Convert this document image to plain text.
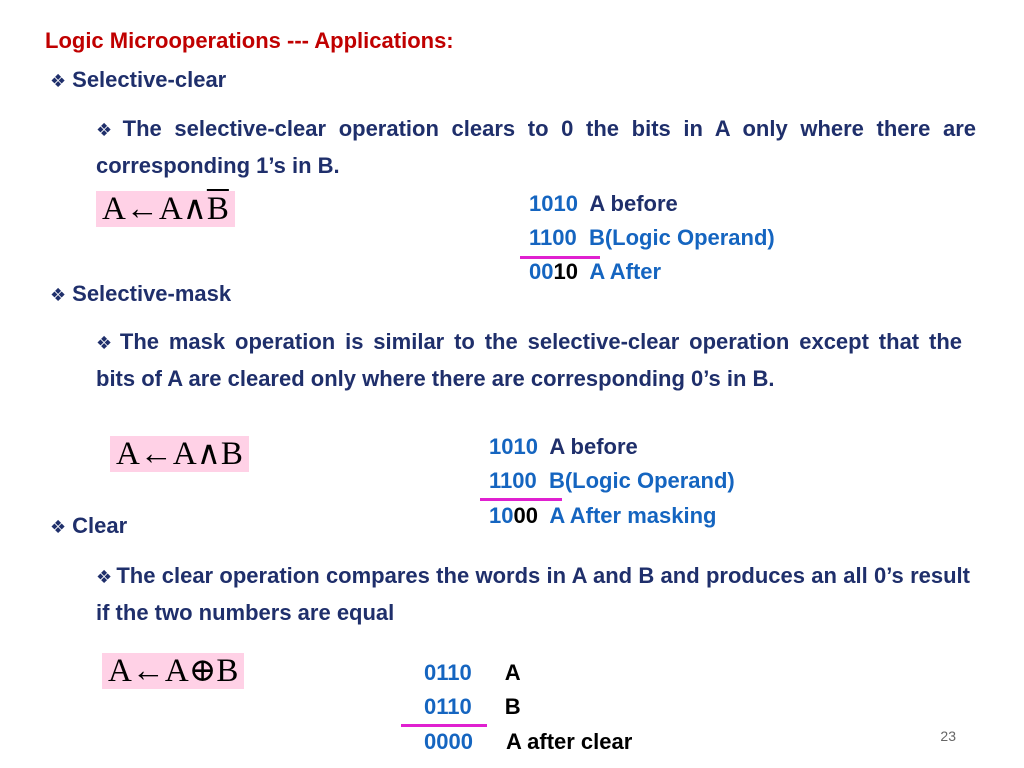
Logic Microoperations --- Applications:
❖ Selective-clear
❖ The selective-clear operation clears to 0 the bits in A only where there are corresponding 1’s in B.
$A\leftarrow A\wedge\overline{B}$	1010 A before
1100 B(Logic Operand)
0010 A After
❖ Selective-mask
❖ The mask operation is similar to the selective-clear operation except that the bits of A are cleared only where there are corresponding 0’s in B.
A←A∧B	1010 A before
1100 B(Logic Operand)
1000 A After masking
❖ Clear
❖ The clear operation compares the words in A and B and produces an all 0’s result if the two numbers are equal
A←A⊕B	0110 A
0110 B
0000 A after clear	23
